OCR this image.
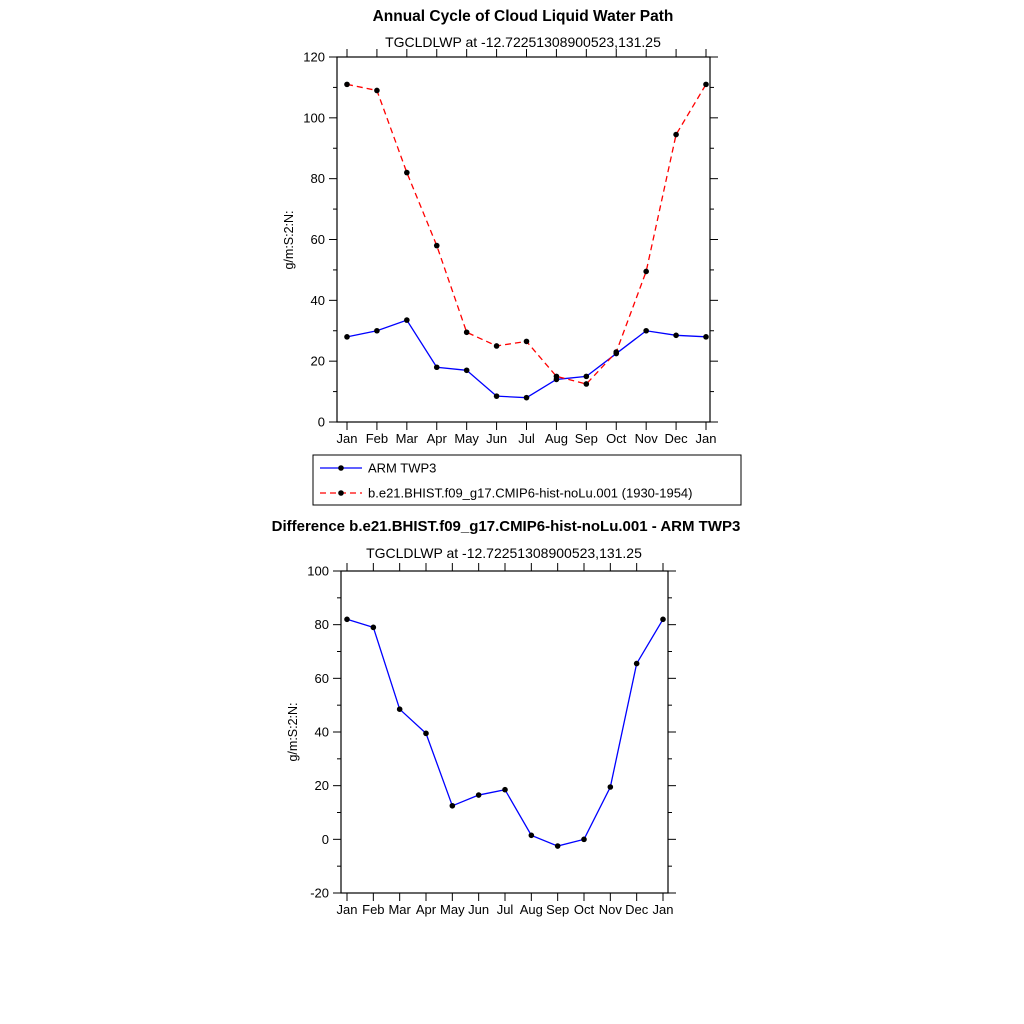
Annual Cycle of Cloud Liquid Water Path
TGCLDLWP at -12.72251308900523,131.25
g/m:S:2:N:
0
20
40
60
80
100
120
Jan Feb Mar Apr May Jun Jul Aug Sep Oct Nov Dec Jan
ARM TWP3
b.e21.BHIST.f09_g17.CMIP6-hist-noLu.001 (1930-1954)
Difference b.e21.BHIST.f09_g17.CMIP6-hist-noLu.001 - ARM TWP3
TGCLDLWP at -12.72251308900523,131.25
g/m:S:2:N:
-20
0
20
40
60
80
100
Jan Feb Mar Apr May Jun Jul Aug Sep Oct Nov Dec Jan
